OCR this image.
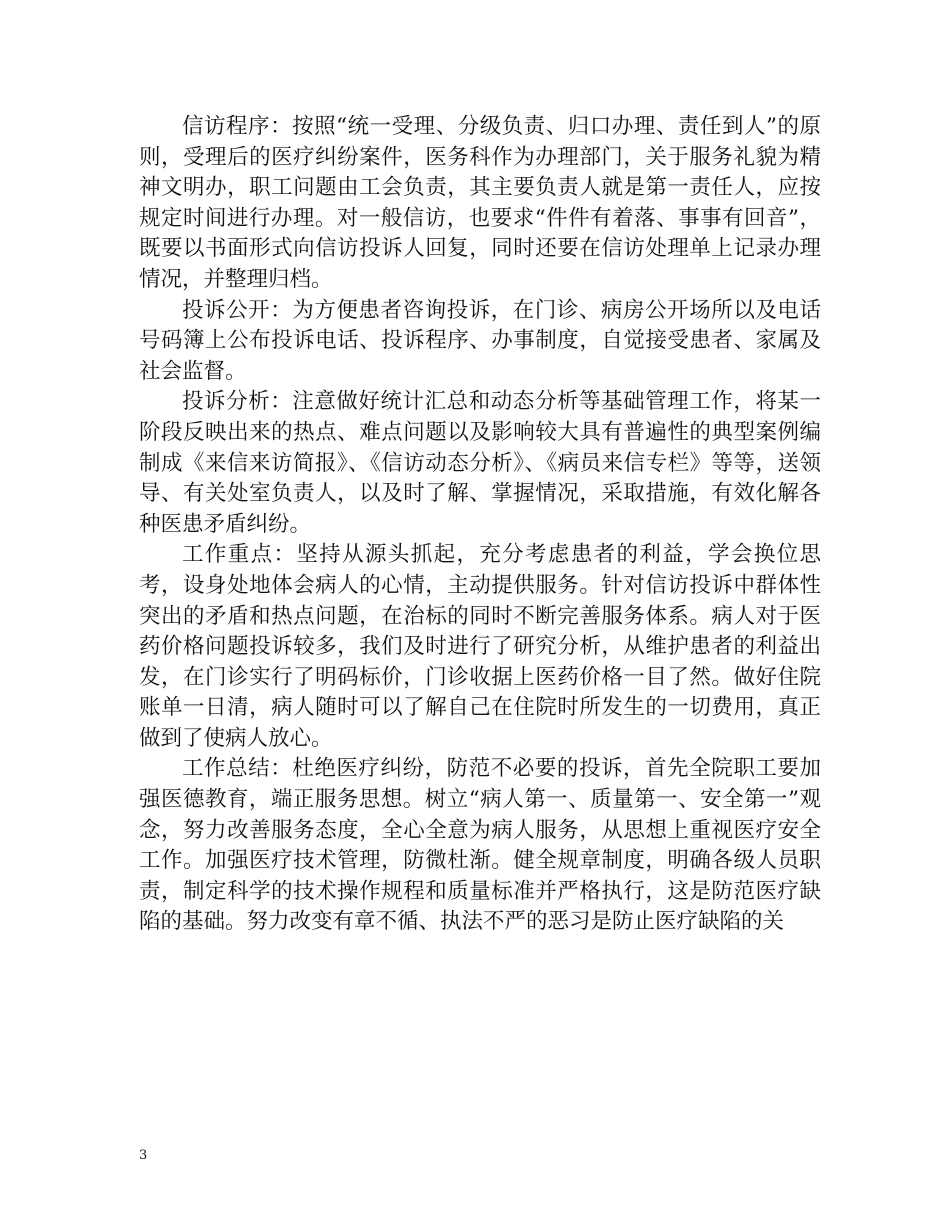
信访程序：按照“统一受理、分级负责、归口办理、责任到人”的原则，受理后的医疗纠纷案件，医务科作为办理部门，关于服务礼貌为精神文明办，职工问题由工会负责，其主要负责人就是第一责任人，应按规定时间进行办理。对一般信访，也要求“件件有着落、事事有回音”，既要以书面形式向信访投诉人回复，同时还要在信访处理单上记录办理情况，并整理归档。

投诉公开：为方便患者咨询投诉，在门诊、病房公开场所以及电话号码簿上公布投诉电话、投诉程序、办事制度，自觉接受患者、家属及社会监督。

投诉分析：注意做好统计汇总和动态分析等基础管理工作，将某一阶段反映出来的热点、难点问题以及影响较大具有普遍性的典型案例编制成《来信来访简报》、《信访动态分析》、《病员来信专栏》等等，送领导、有关处室负责人，以及时了解、掌握情况，采取措施，有效化解各种医患矛盾纠纷。

工作重点：坚持从源头抓起，充分考虑患者的利益，学会换位思考，设身处地体会病人的心情，主动提供服务。针对信访投诉中群体性突出的矛盾和热点问题，在治标的同时不断完善服务体系。病人对于医药价格问题投诉较多，我们及时进行了研究分析，从维护患者的利益出发，在门诊实行了明码标价，门诊收据上医药价格一目了然。做好住院账单一日清，病人随时可以了解自己在住院时所发生的一切费用，真正做到了使病人放心。

工作总结：杜绝医疗纠纷，防范不必要的投诉，首先全院职工要加强医德教育，端正服务思想。树立“病人第一、质量第一、安全第一”观念，努力改善服务态度，全心全意为病人服务，从思想上重视医疗安全工作。加强医疗技术管理，防微杜渐。健全规章制度，明确各级人员职责，制定科学的技术操作规程和质量标准并严格执行，这是防范医疗缺陷的基础。努力改变有章不循、执法不严的恶习是防止医疗缺陷的关

3
